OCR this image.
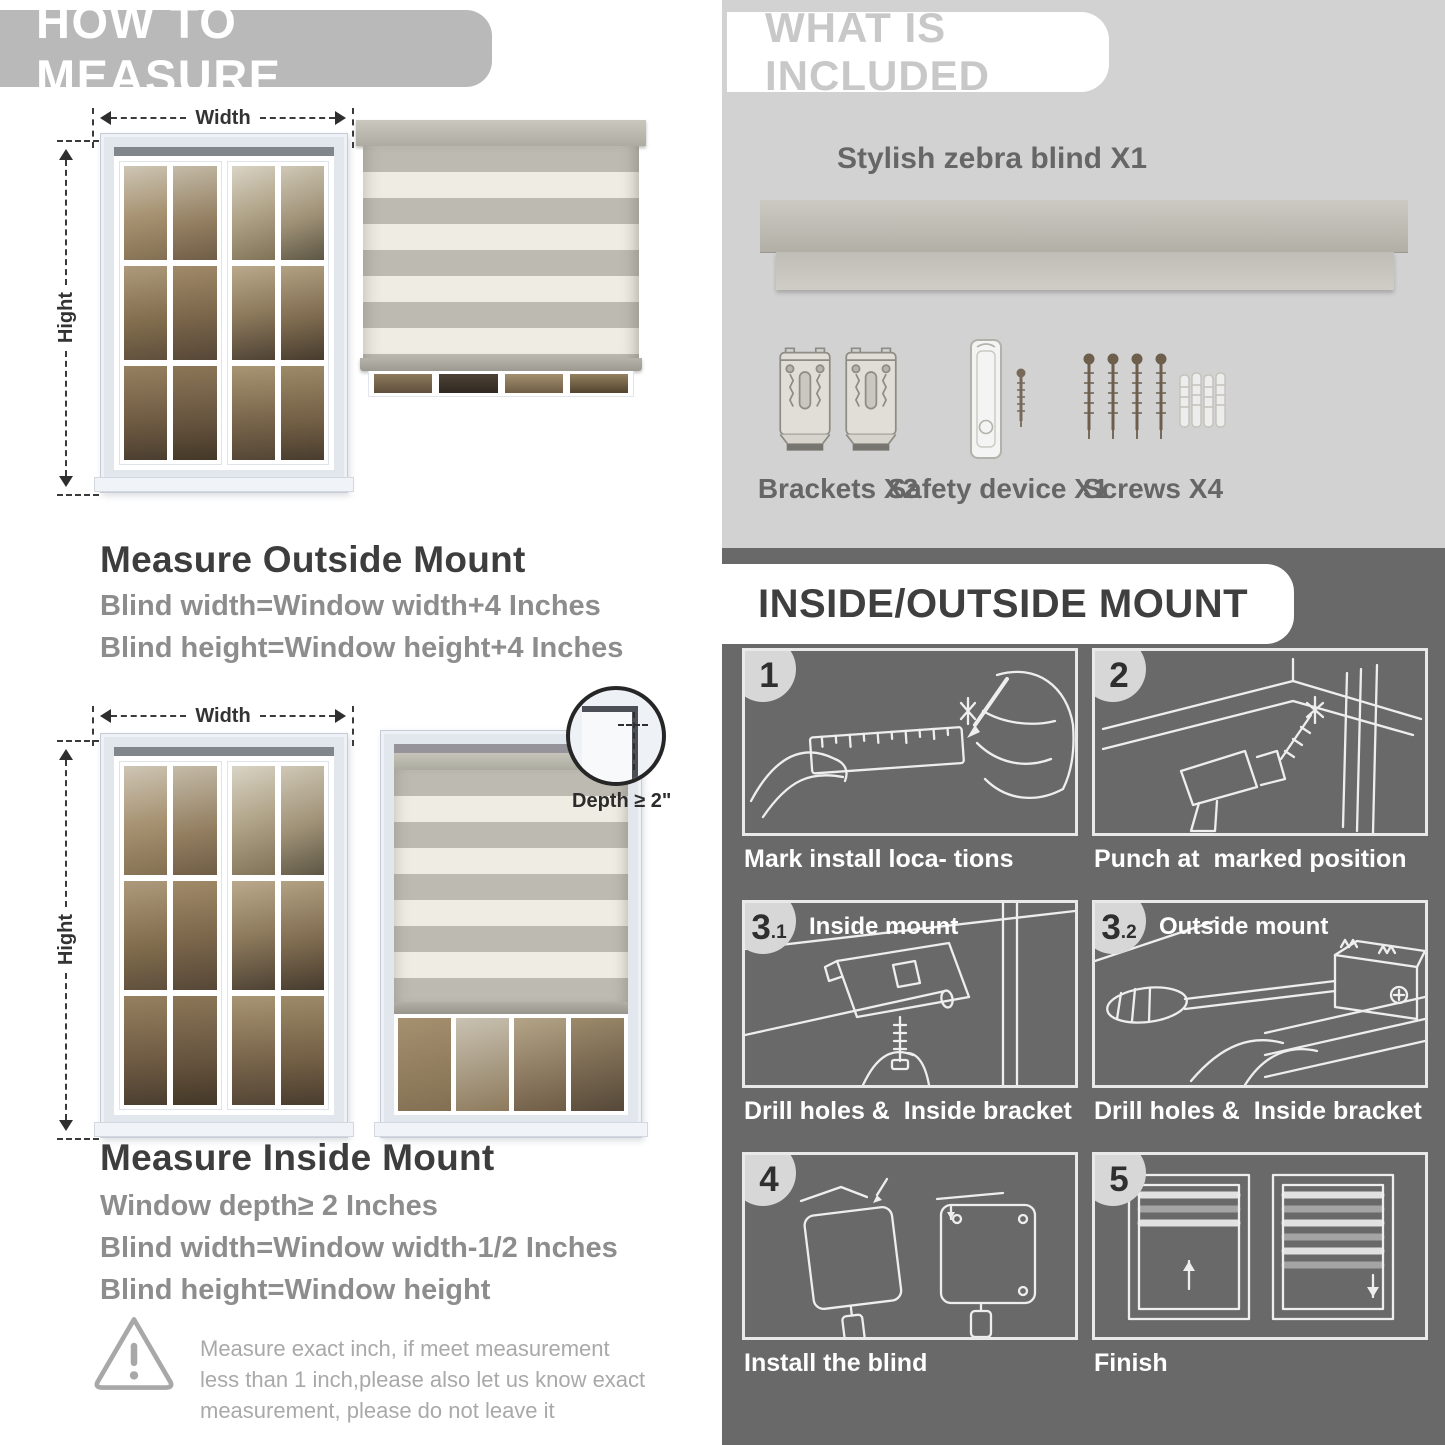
HOW TO MEASURE
Width
Hight
Measure Outside Mount

Blind width=Window width+4 Inches

Blind height=Window height+4 Inches

Width
Hight
Depth ≥ 2"
Measure Inside Mount

Window depth≥ 2 Inches

Blind width=Window width-1/2 Inches

Blind height=Window height

Measure exact inch, if meet measurement less than 1 inch,please also let us know exact measurement, please do not leave it

WHAT IS INCLUDED
Stylish zebra blind X1
Brackets X2
Safety device X1
Screws X4
INSIDE/OUTSIDE MOUNT
1

Mark install loca- tions

2

Punch at  marked position

3 .1 Inside mount

Drill holes &  Inside bracket

3 .2 Outside mount

Drill holes &  Inside bracket

4

Install the blind

5

Finish
